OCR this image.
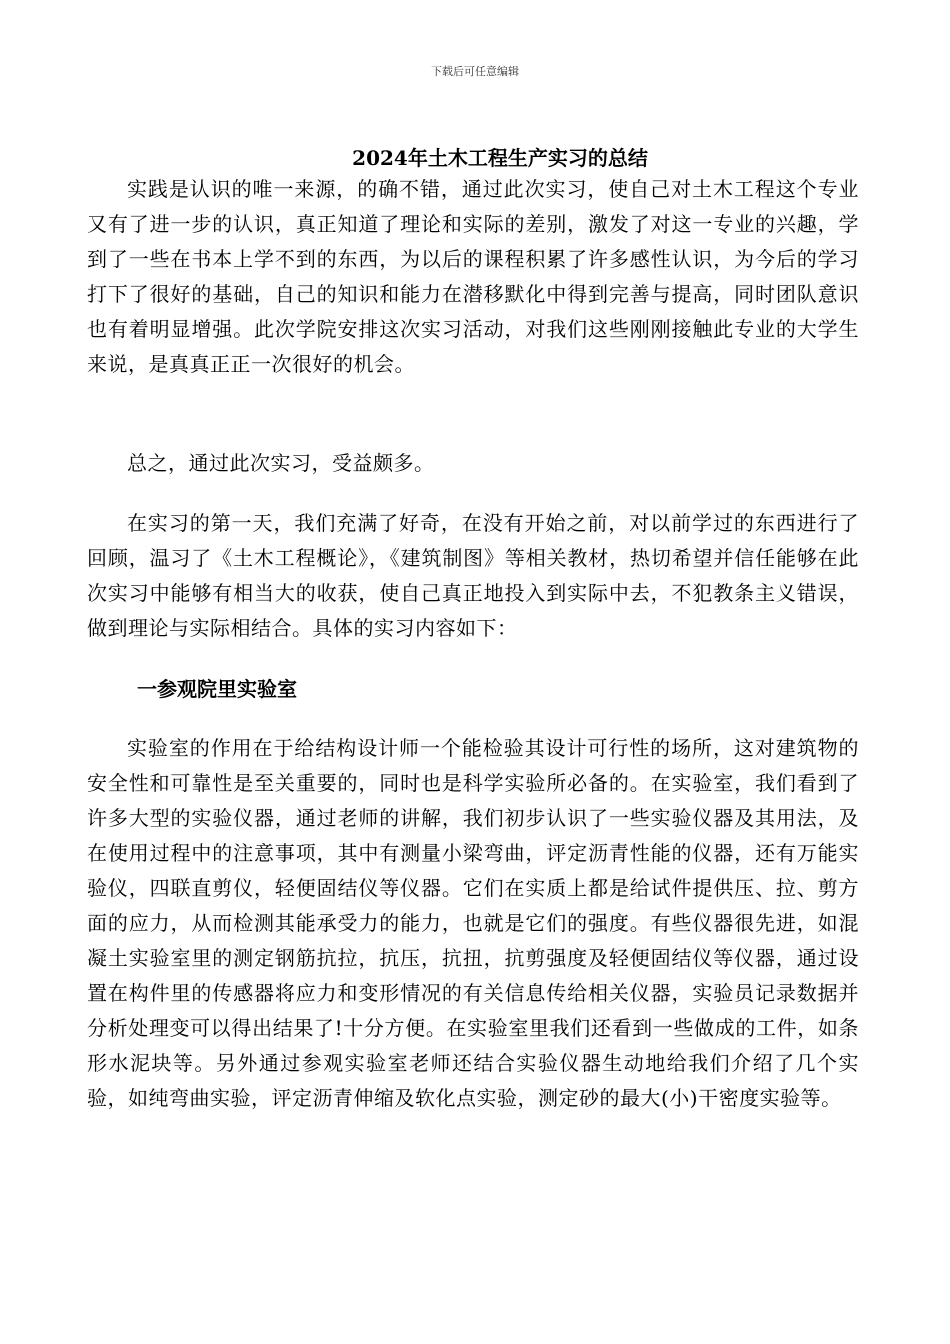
下载后可任意编辑
2024年土木工程生产实习的总结

实践是认识的唯一来源，的确不错，通过此次实习，使自己对土木工程这个专业又有了进一步的认识，真正知道了理论和实际的差别，激发了对这一专业的兴趣，学到了一些在书本上学不到的东西，为以后的课程积累了许多感性认识，为今后的学习打下了很好的基础，自己的知识和能力在潜移默化中得到完善与提高，同时团队意识也有着明显增强。此次学院安排这次实习活动，对我们这些刚刚接触此专业的大学生来说，是真真正正一次很好的机会。

总之，通过此次实习，受益颇多。

在实习的第一天，我们充满了好奇，在没有开始之前，对以前学过的东西进行了回顾，温习了《土木工程概论》，《建筑制图》等相关教材，热切希望并信任能够在此次实习中能够有相当大的收获，使自己真正地投入到实际中去，不犯教条主义错误，做到理论与实际相结合。具体的实习内容如下：

一参观院里实验室

实验室的作用在于给结构设计师一个能检验其设计可行性的场所，这对建筑物的安全性和可靠性是至关重要的，同时也是科学实验所必备的。在实验室，我们看到了许多大型的实验仪器，通过老师的讲解，我们初步认识了一些实验仪器及其用法，及在使用过程中的注意事项，其中有测量小梁弯曲，评定沥青性能的仪器，还有万能实验仪，四联直剪仪，轻便固结仪等仪器。它们在实质上都是给试件提供压、拉、剪方面的应力，从而检测其能承受力的能力，也就是它们的强度。有些仪器很先进，如混凝土实验室里的测定钢筋抗拉，抗压，抗扭，抗剪强度及轻便固结仪等仪器，通过设置在构件里的传感器将应力和变形情况的有关信息传给相关仪器，实验员记录数据并分析处理变可以得出结果了!十分方便。在实验室里我们还看到一些做成的工件，如条形水泥块等。另外通过参观实验室老师还结合实验仪器生动地给我们介绍了几个实验，如纯弯曲实验，评定沥青伸缩及软化点实验，测定砂的最大(小)干密度实验等。
